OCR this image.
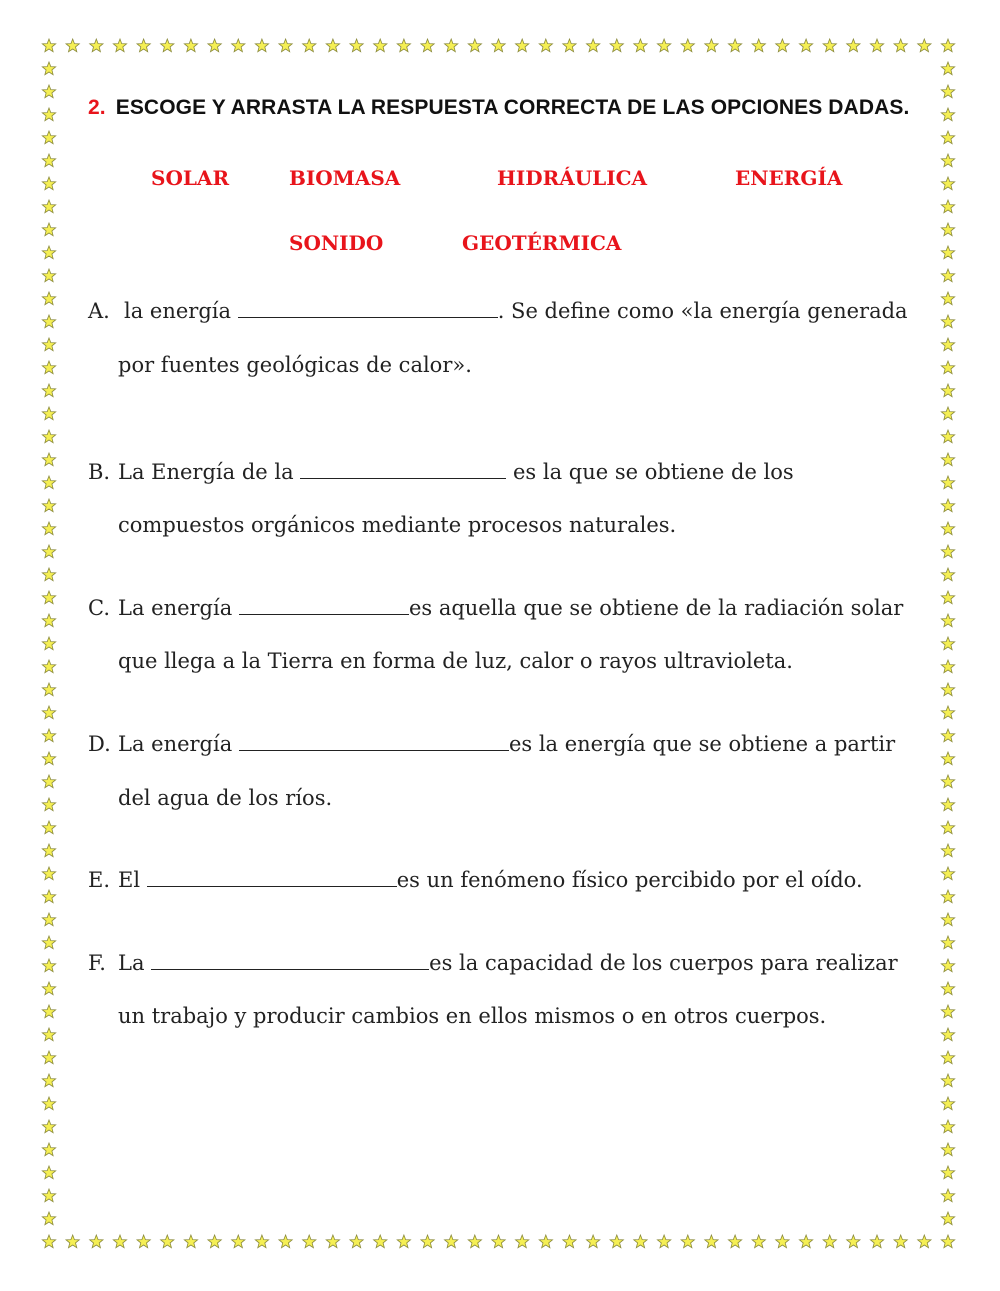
2. ESCOGE Y ARRASTA LA RESPUESTA CORRECTA DE LAS OPCIONES DADAS.
SOLAR	BIOMASA	HIDRÁULICA	ENERGÍA
SONIDO	GEOTÉRMICA
A. la energía	. Se define como «la energía generada
por fuentes geológicas de calor».
B. La Energía de la	es la que se obtiene de los
compuestos orgánicos mediante procesos naturales.
C. La energía	es aquella que se obtiene de la radiación solar
que llega a la Tierra en forma de luz, calor o rayos ultravioleta.
D. La energía	es la energía que se obtiene a partir
del agua de los ríos.
E. El	es un fenómeno físico percibido por el oído.
F. La	es la capacidad de los cuerpos para realizar
un trabajo y producir cambios en ellos mismos o en otros cuerpos.
